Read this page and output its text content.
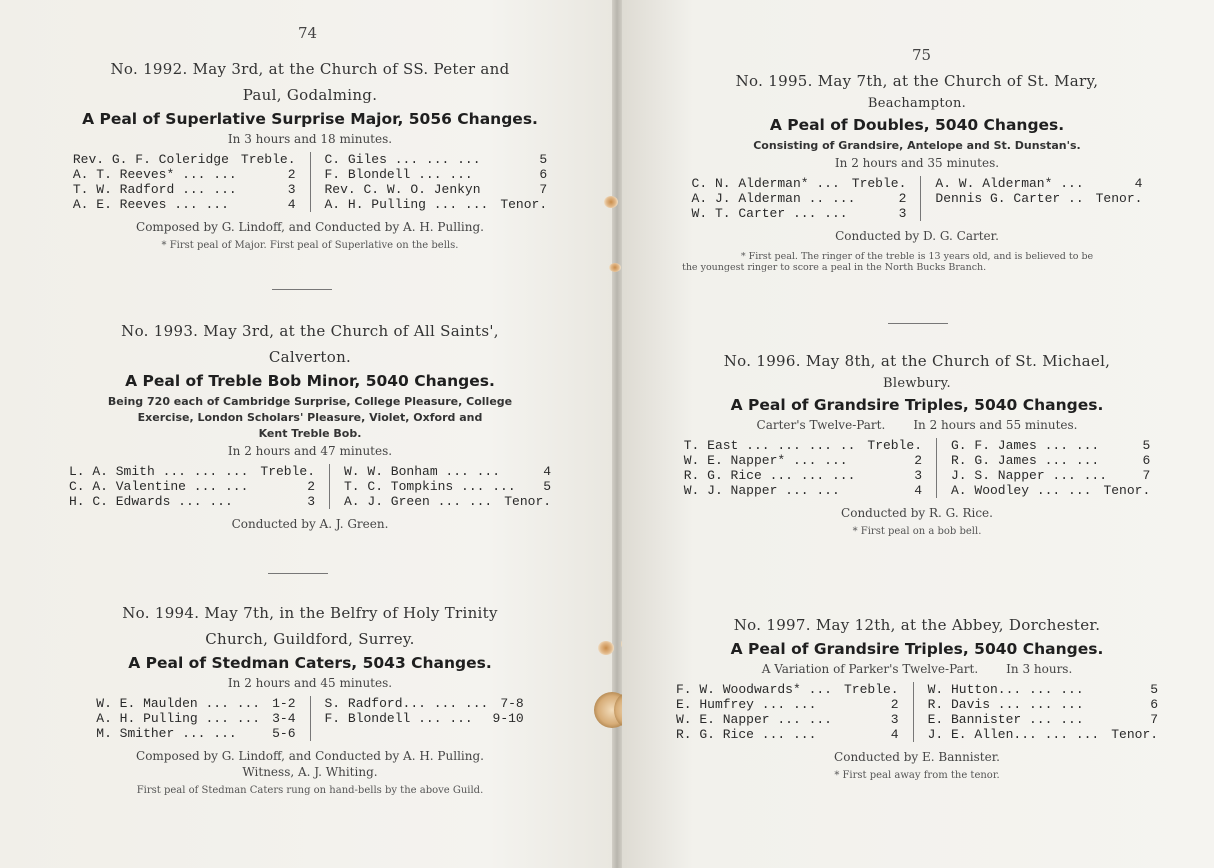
74
No. 1992. May 3rd, at the Church of SS. Peter and
Paul, Godalming.
A Peal of Superlative Surprise Major, 5056 Changes.
In 3 hours and 18 minutes.
Rev. G. F. Coleridge Treble.
A. T. Reeves* ... ...	2
T. W. Radford ... ...	3
A. E. Reeves ... ...	4
C. Giles ... ... ...	5
F. Blondell ... ...	6
Rev. C. W. O. Jenkyn	7
A. H. Pulling ... ... Tenor.
Composed by G. Lindoff, and Conducted by A. H. Pulling.
* First peal of Major. First peal of Superlative on the bells.
No. 1993. May 3rd, at the Church of All Saints',
Calverton.
A Peal of Treble Bob Minor, 5040 Changes.
Being 720 each of Cambridge Surprise, College Pleasure, College
Exercise, London Scholars' Pleasure, Violet, Oxford and
Kent Treble Bob.
In 2 hours and 47 minutes.
L. A. Smith ... ... ... Treble.
C. A. Valentine ... ...	2
H. C. Edwards ... ...	3
W. W. Bonham ... ...	4
T. C. Tompkins ... ... 5
A. J. Green ... ... Tenor.
Conducted by A. J. Green.
No. 1994. May 7th, in the Belfry of Holy Trinity
Church, Guildford, Surrey.
A Peal of Stedman Caters, 5043 Changes.
In 2 hours and 45 minutes.
W. E. Maulden ... ... 1-2
A. H. Pulling ... ... 3-4
M. Smither ... ...	5-6
S. Radford... ... ... 7-8
F. Blondell ... ... 9-10
Composed by G. Lindoff, and Conducted by A. H. Pulling.
Witness, A. J. Whiting.
First peal of Stedman Caters rung on hand-bells by the above Guild.
75
No. 1995. May 7th, at the Church of St. Mary,
Beachampton.
A Peal of Doubles, 5040 Changes.
Consisting of Grandsire, Antelope and St. Dunstan's.
In 2 hours and 35 minutes.
C. N. Alderman* ... Treble.
A. J. Alderman .. ...	2
W. T. Carter ... ...	3
A. W. Alderman* ...	4
Dennis G. Carter .. Tenor.
Conducted by D. G. Carter.
* First peal. The ringer of the treble is 13 years old, and is believed to be
the youngest ringer to score a peal in the North Bucks Branch.
No. 1996. May 8th, at the Church of St. Michael,
Blewbury.
A Peal of Grandsire Triples, 5040 Changes.
Carter's Twelve-Part. In 2 hours and 55 minutes.
T. East ... ... ... .. Treble.
W. E. Napper* ... ...	2
R. G. Rice ... ... ...	3
W. J. Napper ... ...	4
G. F. James ... ...	5
R. G. James ... ...	6
J. S. Napper ... ...	7
A. Woodley ... ... Tenor.
Conducted by R. G. Rice.
* First peal on a bob bell.
No. 1997. May 12th, at the Abbey, Dorchester.
A Peal of Grandsire Triples, 5040 Changes.
A Variation of Parker's Twelve-Part. In 3 hours.
F. W. Woodwards* ... Treble.
E. Humfrey ... ...	2
W. E. Napper ... ...	3
R. G. Rice ... ...	4
W. Hutton... ... ...	5
R. Davis ... ... ...	6
E. Bannister ... ...	7
J. E. Allen... ... ... Tenor.
Conducted by E. Bannister.
* First peal away from the tenor.
